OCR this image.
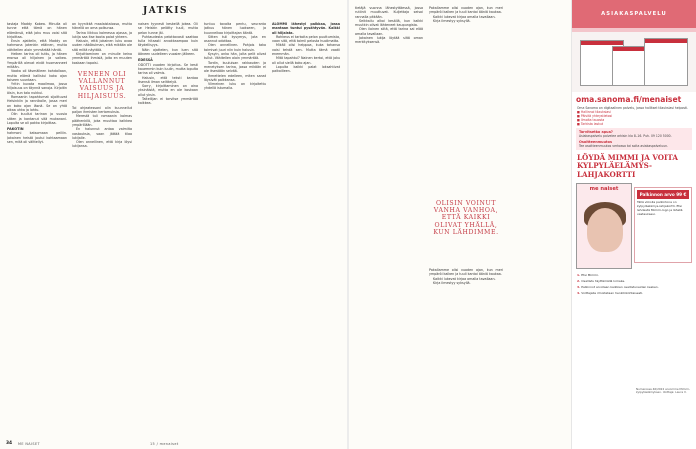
JATKIS

tastaja Maddy Kobea. Minulla oli tunne että tämä on hänen elämänsä, eikä joku muu voisi sitä kirjoittaa.

Ensin ajattelin, että Maddy on hahmona jotenkin etäinen, mutta vähitellen aloin ymmärtää häntä.

Heiken tarina oli tuttu, ja hänen eronsa oli hiljainen ja vaikea. Ympärillä olevat eivät huomanneet mitään.

Vaaka oli täsmälleen kohdallaan, mutta elämä kallistui koko ajan toiseen suuntaan.

Yritin kuvata maailmaa, jossa hiljaisuus on täynnä sanoja. Kirjoitin öisin, kun talo nukkui.

Romaanin tapahtumat sijoittuvat Helsinkiin ja rannikolle, jossa meri on koko ajan läsnä. Se on yhtä aikaa uhka ja lohtu.

Olin kuullut tarinan jo vuosia sitten ja kantanut sitä mukanani. Lopulta se oli pakko kirjoittaa.

PAKOTIN

hahmoni katsomaan peiliin. Jokainen heistä joutui kohtaamaan sen, mitä oli välttellyt.

on kyynikkä maalaistalossa, mutta hänellä on oma polkunsa.

Tarina liikkuu kolmessa ajassa, ja lukija saa itse koota palat yhteen.

Halusin, että jokainen luku avaa uuden näkökulman, eikä mikään ole sitä miltä näyttää.

Kirjoittaminen on minulle keino ymmärtää ihmisiä, joita en muuten koskaan tapaisi.

VENEEN OLI VALLANNUT VAISUUS JA HILJAISUUS.

Toi ohjeatessani olin kuunnellut paljon ihmisten kertomuksia.

Merestä tuli romaanin kolmas päähenkilö, joka muuttaa kaikkea ympärillään.

En halunnut antaa valmiita vastauksia, vaan jättää tilaa lukijalle.

Olen onnellinen, että kirja löysi lukijansa.

naisen tyynesti keskellä jokea. Oli se Heiskin pelätty tuuli, mutta pelon tunne jäi.

Puhtaudesta pelottavasti saattaa tulla hitaasti arvokkaampaa kuin täydellisyys.

Näin ajattelen, kun luen sitä ääneen uudelleen vuosien jälkeen.

EDESSÄ

ODOTTI vuoden kirjoitus. Se kesti kauemmin kuin luulin, mutta lopulta tarina oli valmis.

Halusin, että teksti kantaa itsensä ilman selittelyä.

Sorry, kirjoittaminen on aina yksinäistä, mutta en ole koskaan ollut yksin.

Taiteilijan ei tarvitse ymmärtää kaikkea.

tuntuu tavalta pentu, seuranta jatkuu hänen luokseen, ja kuunnelkaa kirjoittajan ääntä.

Sitten tuli kysymys, jota en osannut odottaa.

Olen onnellinen. Pohjois tako toimivat juuri niin kuin halusin.

Kysyin, onko hän, jolta pelit olivat tullut. Vähitellen aloin ymmärtää.

Tordin, kuuluisan rakkauden ja menetyksen tarina, jossa mikään ei ole itsestään selvää.

Ihmettelen edelleen, miten sanat löysivät paikkansa.

Viimeinen luku on kirjoitettu yhdellä istumalla.

ALOMMI lähestyi paikkaa, jossa mantaan tuntui pysähtyvän. Kaikki oli hiljaista.

Rohkeus ei tarkoita pelon puuttumista, vaan sitä, että toimii pelosta huolimatta.

Mikäli olisi helppoa, kuka tahansa voisi tehdä sen. Mutta tämä vaatii enemmän.

Mitä tapahtui? Nainen kertoi, että joku oli ollut siellä koko ajan.

Lopulta kaikki palat loksahtivat paikoilleen.

34 ME NAISET	15 / menaiset

tietäjä vuonna lähestyttäessä, jossa rutiinit muuttuvat. Kuljettaja seisoi rannalla pitkään.

Seikkailu alkoi kesällä, kun kaikki muutkin olivat lähteneet kaupungista.

Olen iloinen siitä, että tarina sai elää omalla tavallaan.

Jokainen lukija löytää siitä oman merkityksensä.

Pakallamme olisi vuoden ajan, kun meri ympäröi kaiken ja tuuli kantoi ääniä kaukaa.

Kaikki lukevat kirjaa omalla tavallaan.

Kirja ilmestyy syksyllä.

OLISIN VOINUT VANHA VANHOA, ETTÄ KAIKKI OLIVAT YHÄLLÄ, KUN LÄHDIMME.

Pakallamme olisi vuoden ajan, kun meri ympäröi kaiken ja tuuli kantoi ääniä kaukaa.

Kaikki lukevat kirjaa omalla tavallaan.

Kirja ilmestyy syksyllä.

ASIAKASPALVELU
oma.sanoma.fi/menaiset
Oma Sanoma on digitaalinen palvelu, jossa hallitset tilauksiasi helposti.
■ Hallinnoi tilauksiasi
■ Päivitä yhteystietosi
■ Ilmoita tauosta
■ Tarkista laskut
Tarvitsetko apua?
Asiakaspalvelu palvelee arkisin klo 8–16. Puh. 09 120 5000.
Osoitteenmuutos
Tee osoitteenmuutos verkossa tai soita asiakaspalveluun.
LÖYDÄ MIMMI JA VOITA KYLPYLÄELÄMYS-LAHJAKORTTI
me naiset
Palkinnon arvo 99 €
Tällä viikolla palkintona on kylpyläelämys-lahjakortti. Etsi lehdestä Mimmi-logo ja lähetä vastauksesi.
1. Etsi Mimmi.
2. Osallistu täyttämällä lomake.
3. Palkinnot arvotaan kaikkien osallistuneiden kesken.
4. Voittajalle ilmoitetaan henkilökohtaisesti.
Numerossa 46/2022 arvomme Mimmi-kylpyläelämyksen. Voittaja: Laura V.
